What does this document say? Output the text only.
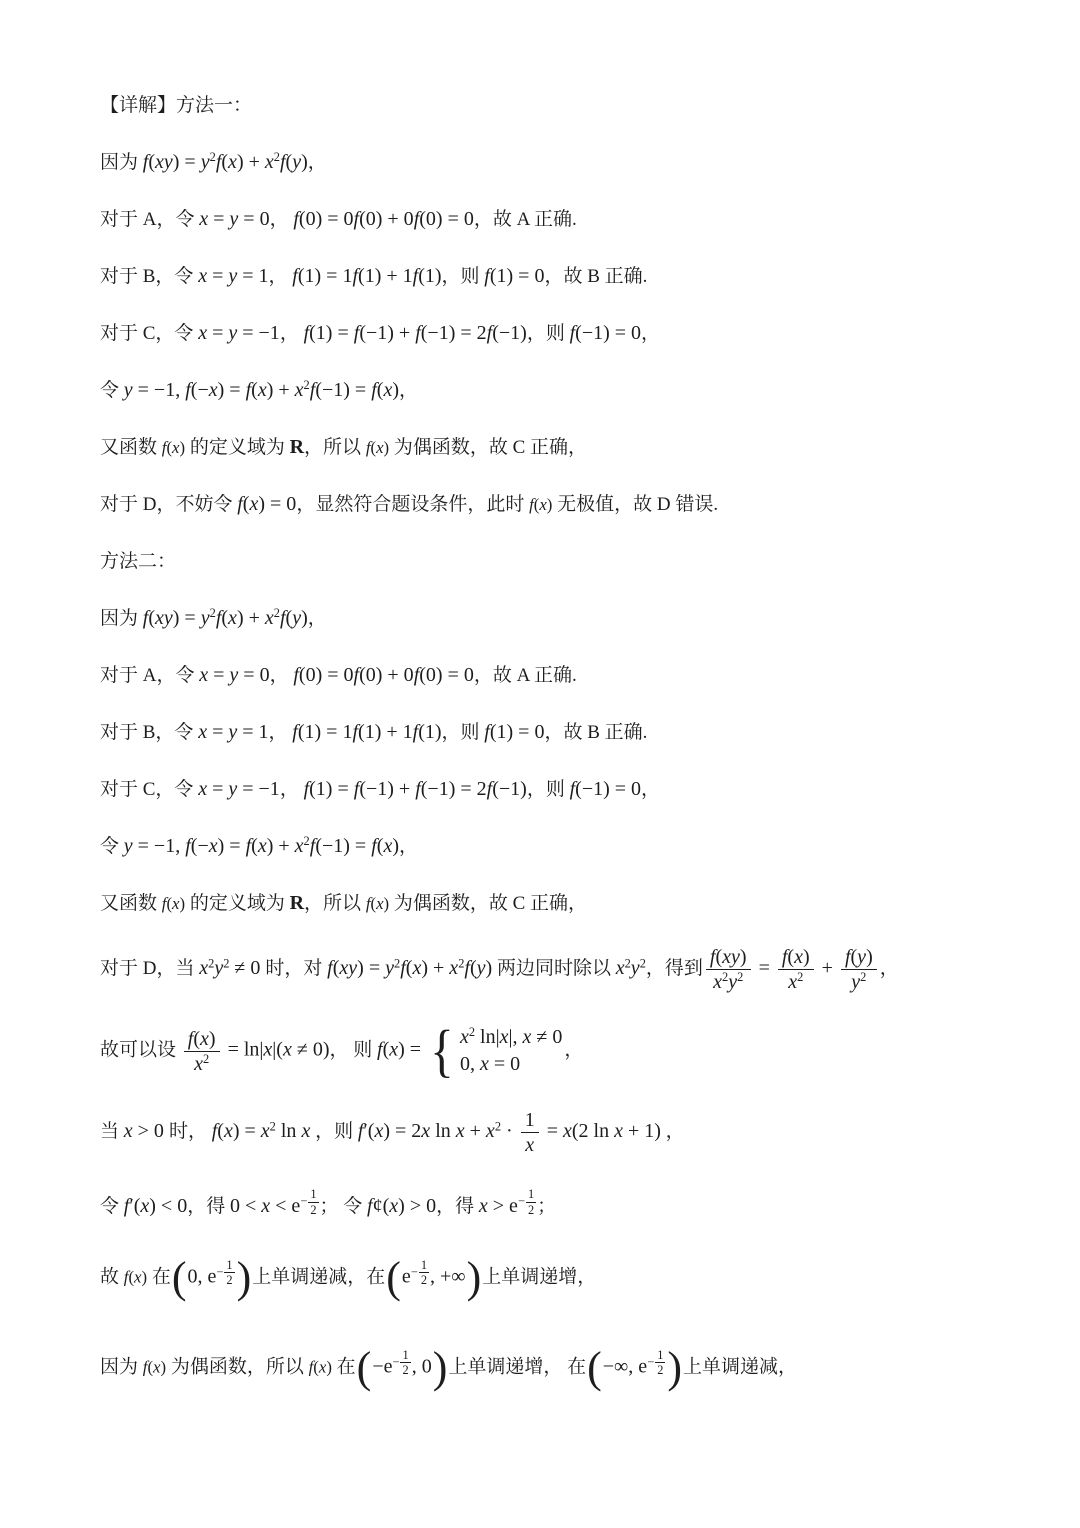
【详解】方法一：
因为 $f(xy) = y^2f(x) + x^2f(y)$，
对于 A，令 x = y = 0， f(0) = 0f(0) + 0f(0) = 0，故 A 正确.
对于 B，令 x = y = 1， f(1) = 1f(1) + 1f(1)，则 f(1) = 0，故 B 正确.
对于 C，令 x = y = −1， f(1) = f(−1) + f(−1) = 2f(−1)，则 f(−1) = 0，
令 y = −1, $f(-x) = f(x) + x^2f(-1) = f(x)$，
又函数 f(x) 的定义域为 R，所以 f(x) 为偶函数，故 C 正确，
对于 D，不妨令 f(x) = 0，显然符合题设条件，此时 f(x) 无极值，故 D 错误.
方法二：
因为 $f(xy) = y^2f(x) + x^2f(y)$，
对于 A，令 x = y = 0， f(0) = 0f(0) + 0f(0) = 0，故 A 正确.
对于 B，令 x = y = 1， f(1) = 1f(1) + 1f(1)，则 f(1) = 0，故 B 正确.
对于 C，令 x = y = −1， f(1) = f(−1) + f(−1) = 2f(−1)，则 f(−1) = 0，
令 y = −1, $f(-x) = f(x) + x^2f(-1) = f(x)$，
又函数 f(x) 的定义域为 R，所以 f(x) 为偶函数，故 C 正确，
对于 D，当 $x^2y^2 \ne 0$ 时，对 $f(xy) = y^2f(x) + x^2f(y)$ 两边同时除以 $x^2y^2$，得到 $\frac{f(xy)}{x^2y^2} = \frac{f(x)}{x^2} + \frac{f(y)}{y^2}$ ，
故可以设 $\frac{f(x)}{x^2} = \ln|x|(x \ne 0)$， 则 f(x) = { $x^2$ ln|x|, x ≠ 0
0, x = 0
，
当 x > 0 时， $f(x) = x^2$ ln x ，则 f′(x) = 2x $\ln x + x^2 \cdot \frac{1}{x} = x(2$ ln x + 1) ，
令 f′(x) < 0，得 $0 < x < e^{- \frac{1}{2}}$ ； 令 f¢(x) > 0，得 $x > e^{- \frac{1}{2}}$ ；
故 f(x) 在(0, $e^{- \frac{1}{2}}$ )上单调递减，在($e^{- \frac{1}{2}}$ , +∞)上单调递增，
因为 f(x) 为偶函数，所以 f(x) 在($-e^{- \frac{1}{2}}$ , 0)上单调递增， 在(−∞, $e^{- \frac{1}{2}}$ )上单调递减，
